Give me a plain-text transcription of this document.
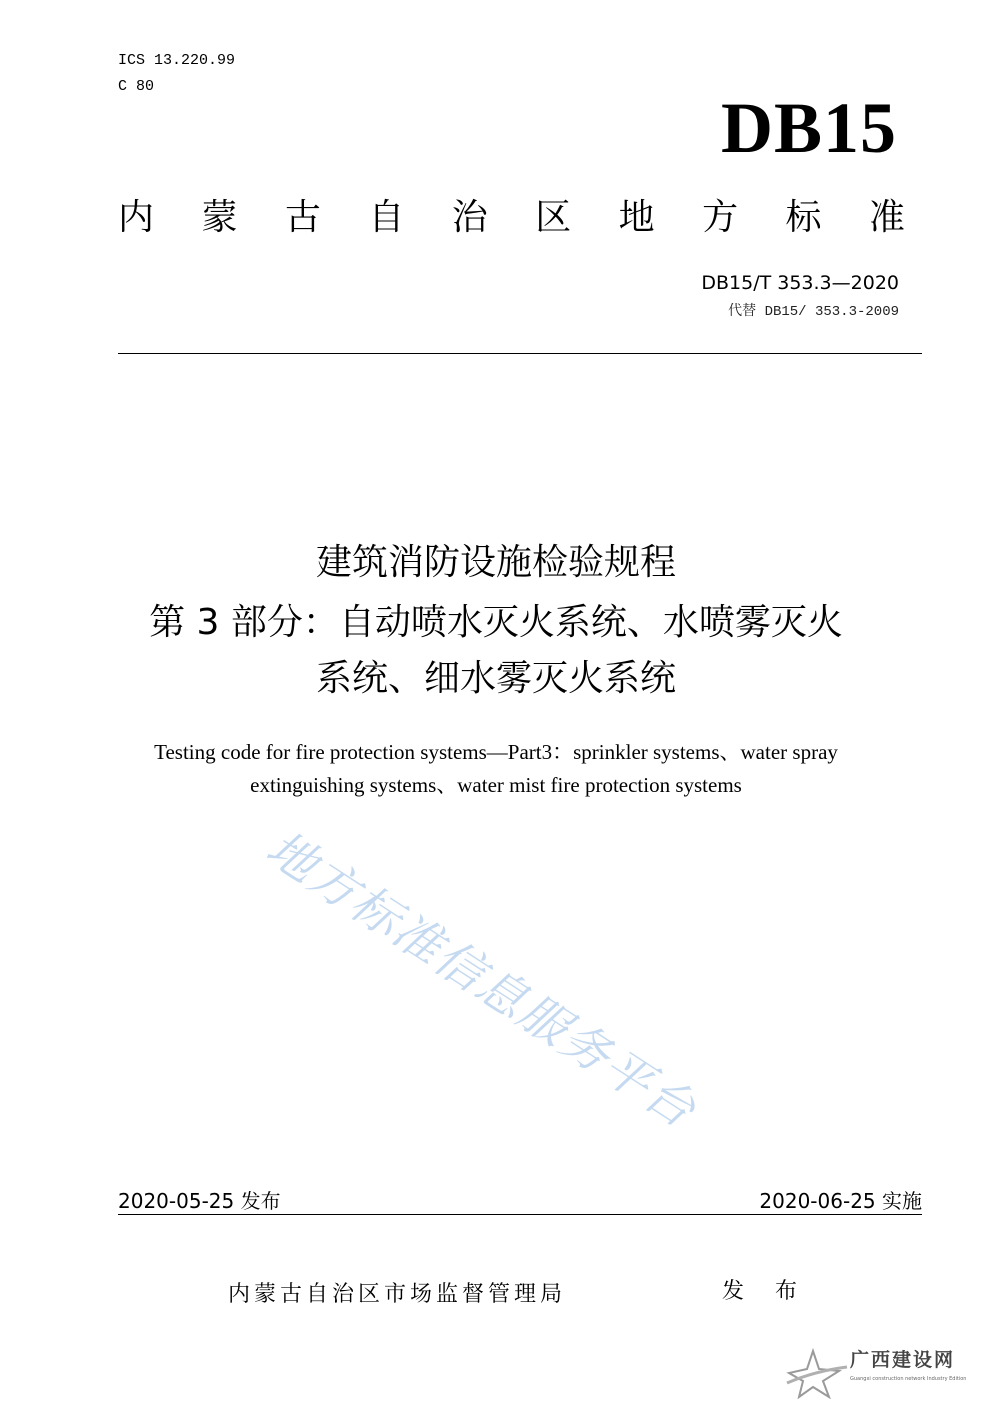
ICS 13.220.99
C 80
DB15
内 蒙 古 自 治 区 地 方 标 准
DB15/T 353.3—2020
代替 DB15/ 353.3-2009
建筑消防设施检验规程
第 3 部分：自动喷水灭火系统、水喷雾灭火
系统、细水雾灭火系统
Testing code for fire protection systems—Part3：sprinkler systems、water spray
extinguishing systems、water mist fire protection systems
地方标准信息服务平台
2020-05-25 发布	2020-06-25 实施
内蒙古自治区市场监督管理局	发 布
广西建设网
Guangxi construction network Industry Edition
